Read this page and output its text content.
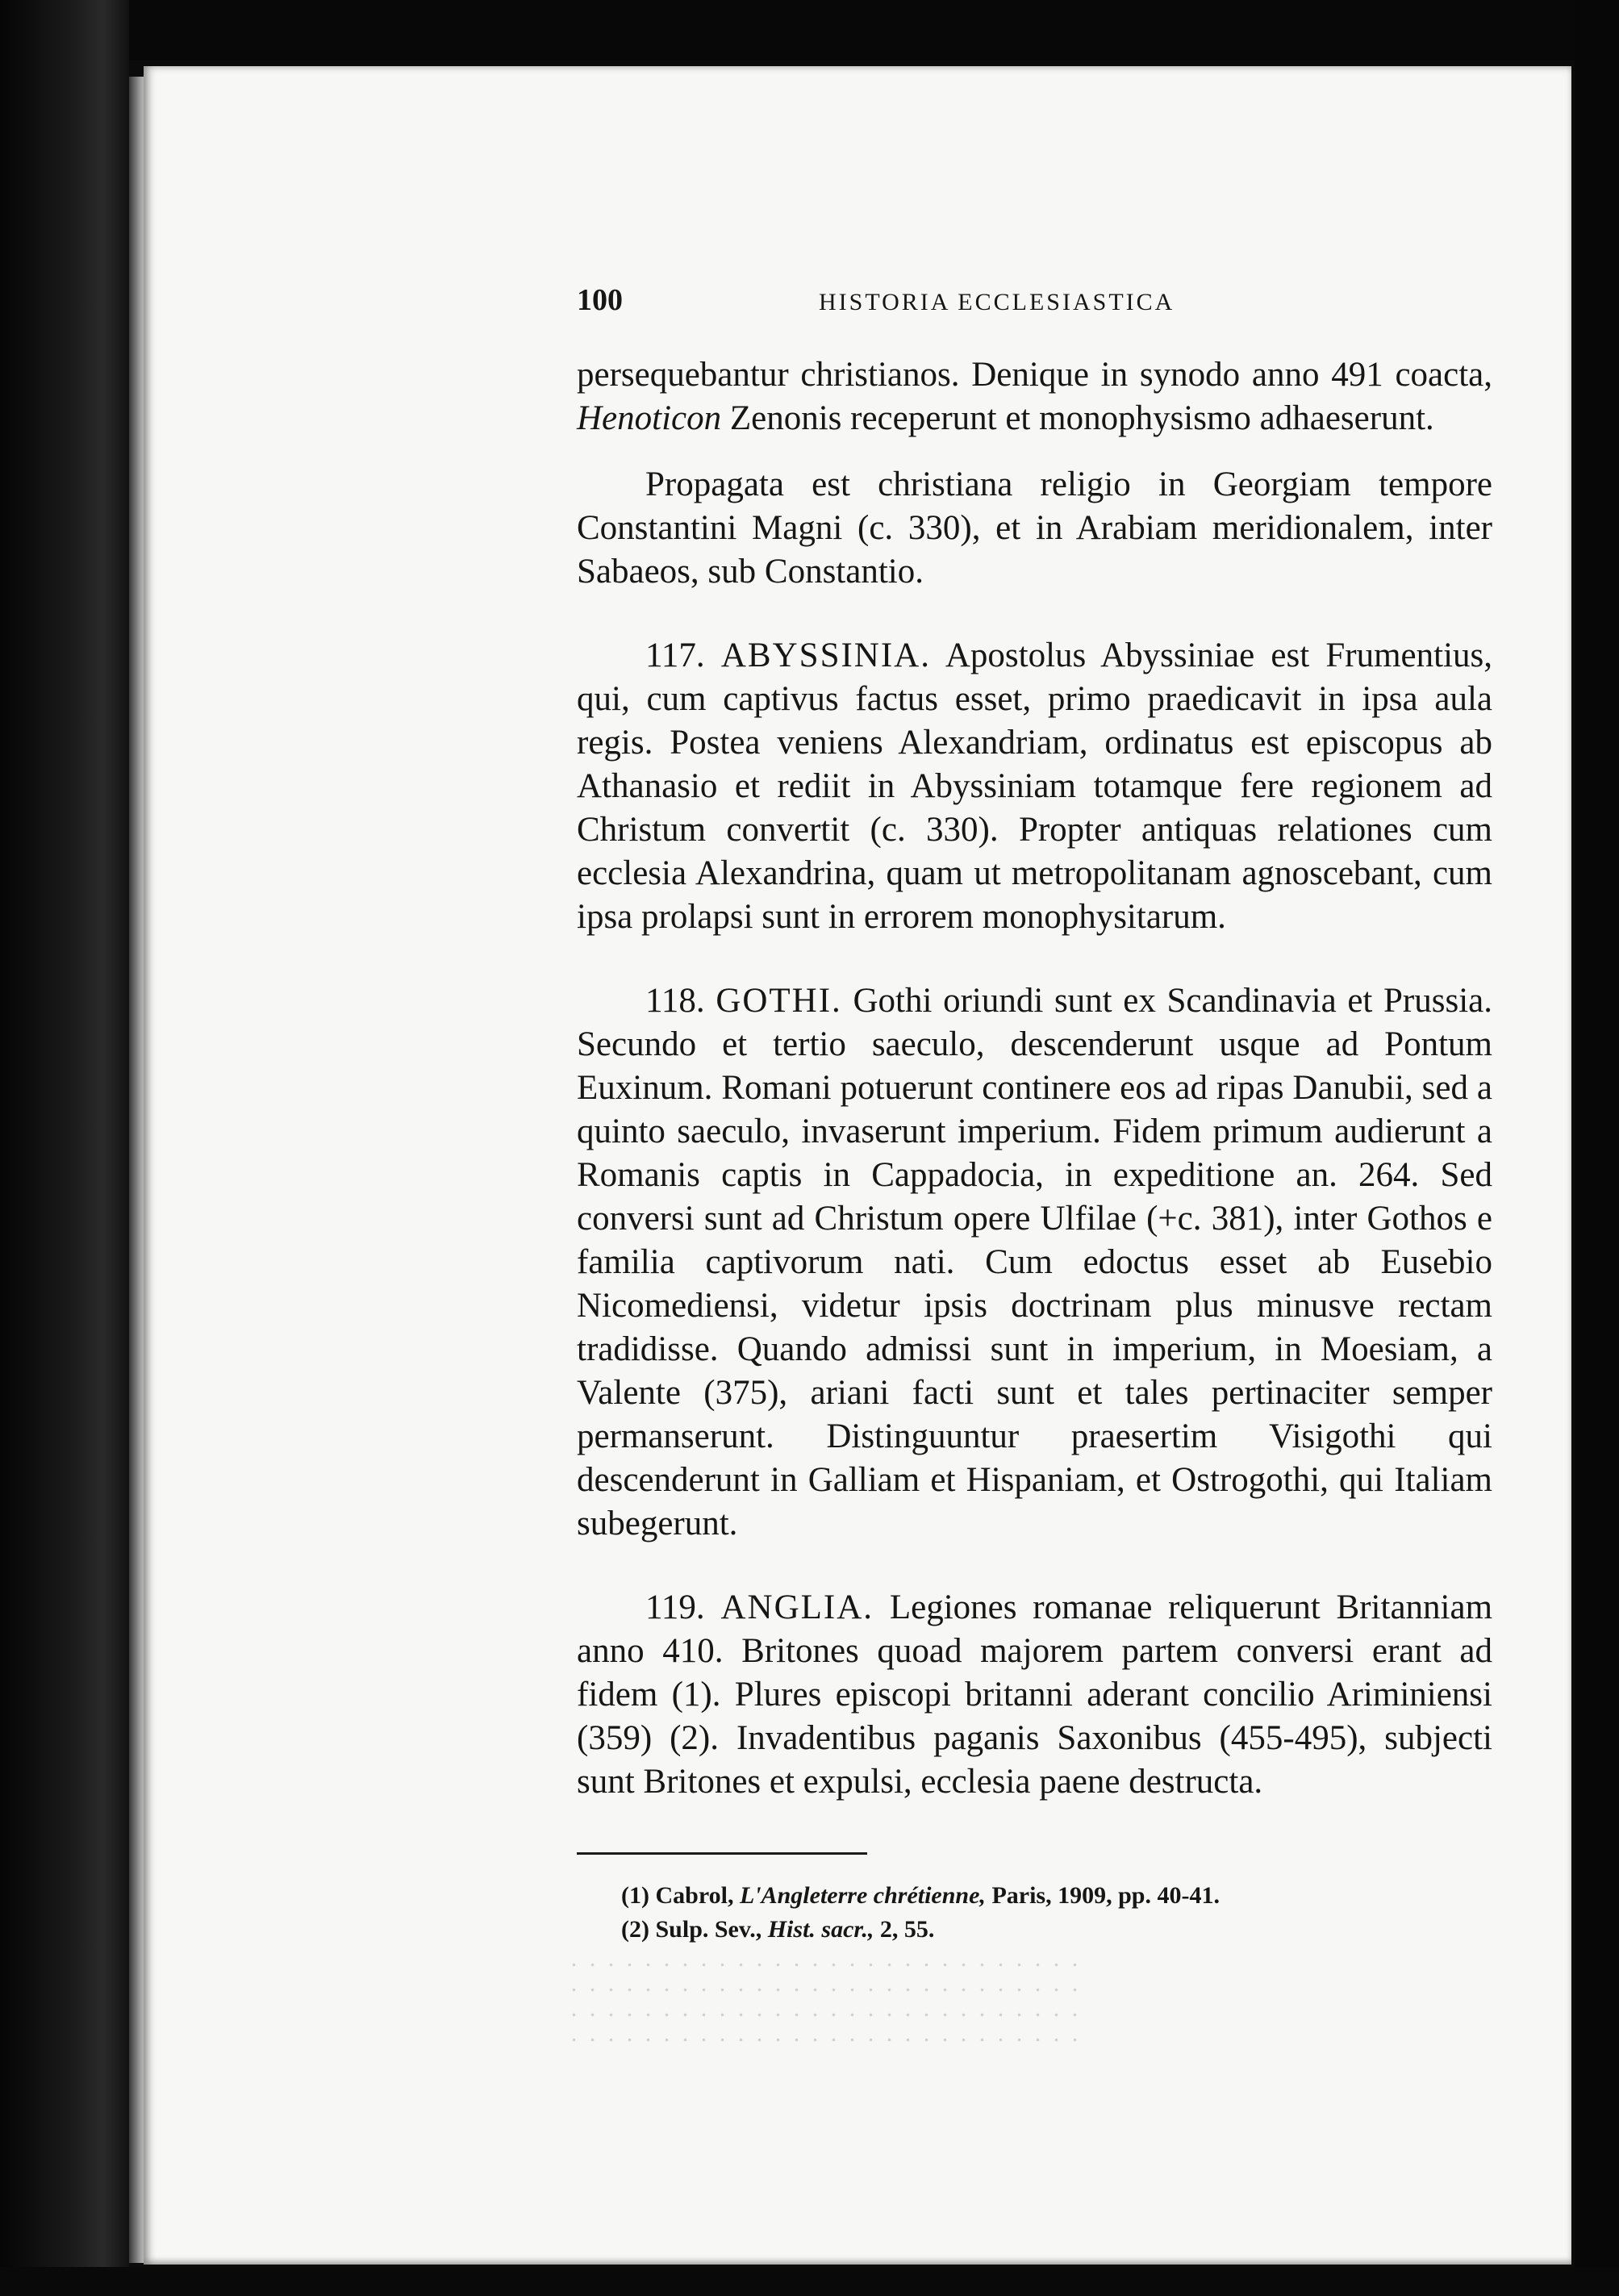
100	HISTORIA ECCLESIASTICA

persequebantur christianos. Denique in synodo anno 491 coacta, Henoticon Zenonis receperunt et monophysismo adhaeserunt.

Propagata est christiana religio in Georgiam tempore Constantini Magni (c. 330), et in Arabiam meridionalem, inter Sabaeos, sub Constantio.

117. ABYSSINIA. Apostolus Abyssiniae est Frumentius, qui, cum captivus factus esset, primo praedicavit in ipsa aula regis. Postea veniens Alexandriam, ordinatus est episcopus ab Athanasio et rediit in Abyssiniam totamque fere regionem ad Christum convertit (c. 330). Propter antiquas relationes cum ecclesia Alexandrina, quam ut metropolitanam agnoscebant, cum ipsa prolapsi sunt in errorem monophysitarum.

118. GOTHI. Gothi oriundi sunt ex Scandinavia et Prussia. Secundo et tertio saeculo, descenderunt usque ad Pontum Euxinum. Romani potuerunt continere eos ad ripas Danubii, sed a quinto saeculo, invaserunt imperium. Fidem primum audierunt a Romanis captis in Cappadocia, in expeditione an. 264. Sed conversi sunt ad Christum opere Ulfilae (+c. 381), inter Gothos e familia captivorum nati. Cum edoctus esset ab Eusebio Nicomediensi, videtur ipsis doctrinam plus minusve rectam tradidisse. Quando admissi sunt in imperium, in Moesiam, a Valente (375), ariani facti sunt et tales pertinaciter semper permanserunt. Distinguuntur praesertim Visigothi qui descenderunt in Galliam et Hispaniam, et Ostrogothi, qui Italiam subegerunt.

119. ANGLIA. Legiones romanae reliquerunt Britanniam anno 410. Britones quoad majorem partem conversi erant ad fidem (1). Plures episcopi britanni aderant concilio Ariminiensi (359) (2). Invadentibus paganis Saxonibus (455-495), subjecti sunt Britones et expulsi, ecclesia paene destructa.

(1) Cabrol, L'Angleterre chrétienne, Paris, 1909, pp. 40-41.

(2) Sulp. Sev., Hist. sacr., 2, 55.
